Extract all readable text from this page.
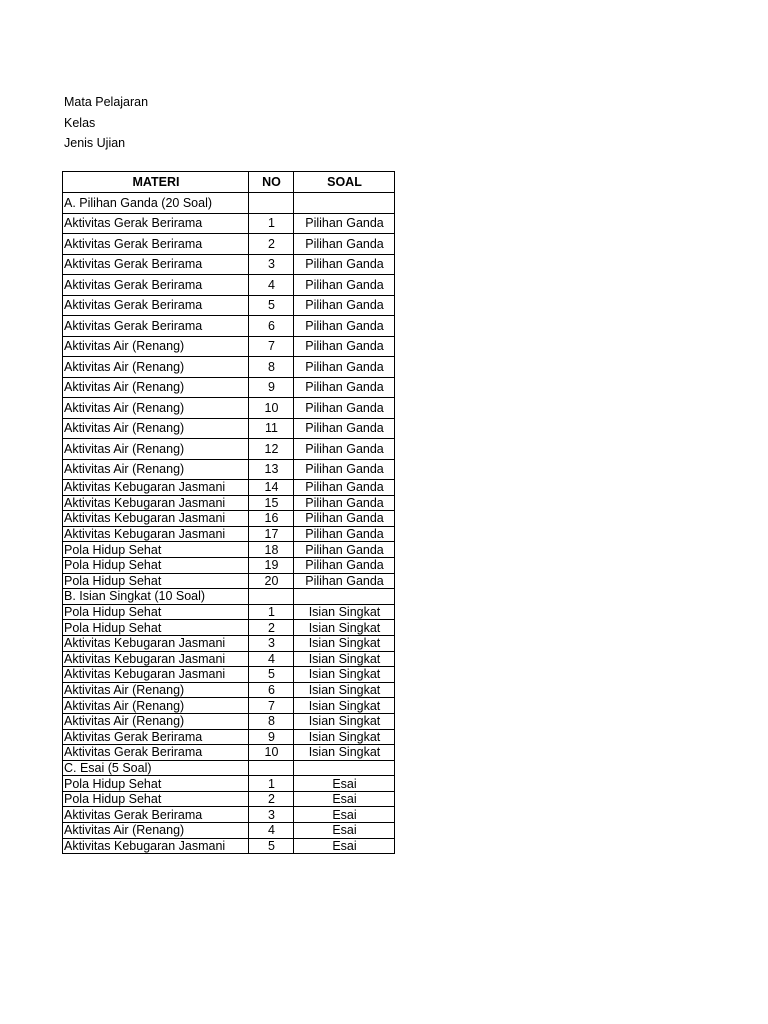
Mata Pelajaran
Kelas
Jenis Ujian
MATERI	NO	SOAL
A. Pilihan Ganda (20 Soal)		
Aktivitas Gerak Berirama	1	Pilihan Ganda
Aktivitas Gerak Berirama	2	Pilihan Ganda
Aktivitas Gerak Berirama	3	Pilihan Ganda
Aktivitas Gerak Berirama	4	Pilihan Ganda
Aktivitas Gerak Berirama	5	Pilihan Ganda
Aktivitas Gerak Berirama	6	Pilihan Ganda
Aktivitas Air (Renang)	7	Pilihan Ganda
Aktivitas Air (Renang)	8	Pilihan Ganda
Aktivitas Air (Renang)	9	Pilihan Ganda
Aktivitas Air (Renang)	10	Pilihan Ganda
Aktivitas Air (Renang)	11	Pilihan Ganda
Aktivitas Air (Renang)	12	Pilihan Ganda
Aktivitas Air (Renang)	13	Pilihan Ganda
Aktivitas Kebugaran Jasmani	14	Pilihan Ganda
Aktivitas Kebugaran Jasmani	15	Pilihan Ganda
Aktivitas Kebugaran Jasmani	16	Pilihan Ganda
Aktivitas Kebugaran Jasmani	17	Pilihan Ganda
Pola Hidup Sehat	18	Pilihan Ganda
Pola Hidup Sehat	19	Pilihan Ganda
Pola Hidup Sehat	20	Pilihan Ganda
B. Isian Singkat (10 Soal)		
Pola Hidup Sehat	1	Isian Singkat
Pola Hidup Sehat	2	Isian Singkat
Aktivitas Kebugaran Jasmani	3	Isian Singkat
Aktivitas Kebugaran Jasmani	4	Isian Singkat
Aktivitas Kebugaran Jasmani	5	Isian Singkat
Aktivitas Air (Renang)	6	Isian Singkat
Aktivitas Air (Renang)	7	Isian Singkat
Aktivitas Air (Renang)	8	Isian Singkat
Aktivitas Gerak Berirama	9	Isian Singkat
Aktivitas Gerak Berirama	10	Isian Singkat
C. Esai (5 Soal)		
Pola Hidup Sehat	1	Esai
Pola Hidup Sehat	2	Esai
Aktivitas Gerak Berirama	3	Esai
Aktivitas Air (Renang)	4	Esai
Aktivitas Kebugaran Jasmani	5	Esai
